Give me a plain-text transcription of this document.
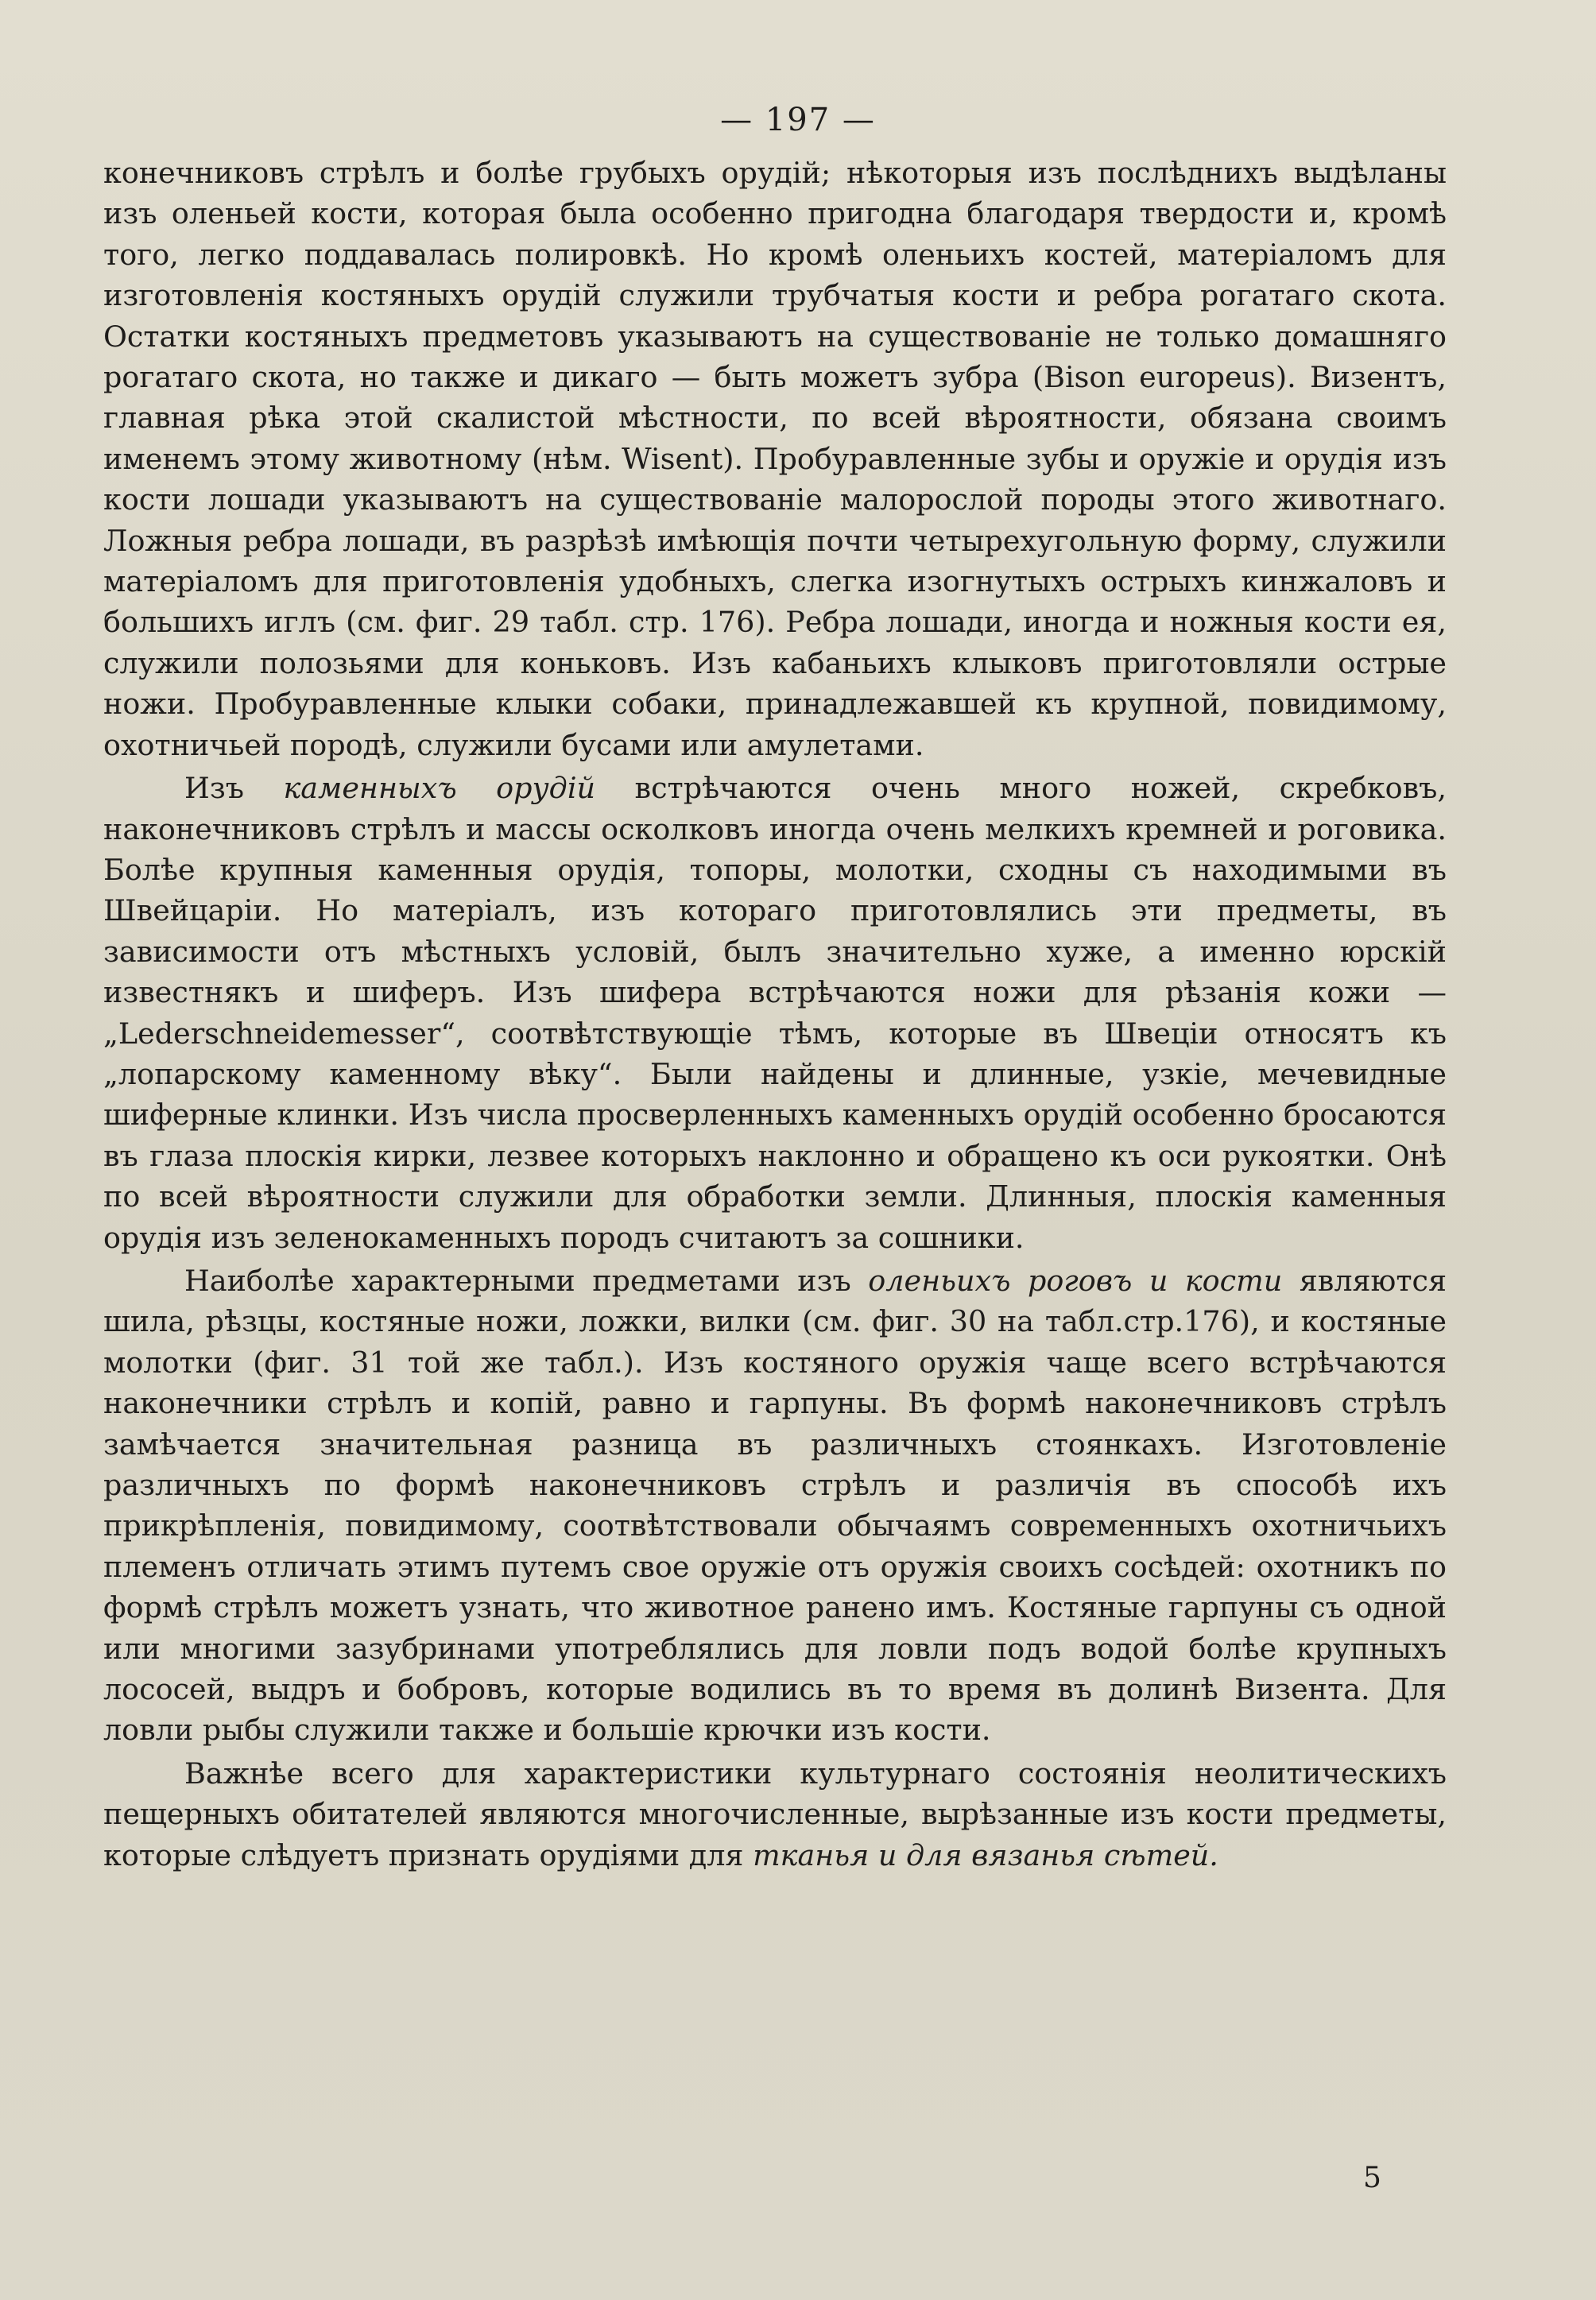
— 197 —

конечниковъ стрѣлъ и болѣе грубыхъ орудій; нѣкоторыя изъ послѣднихъ выдѣланы изъ оленьей кости, которая была особенно пригодна благодаря твердости и, кромѣ того, легко поддавалась полировкѣ. Но кромѣ оленьихъ костей, матеріаломъ для изготовленія костяныхъ орудій служили трубчатыя кости и ребра рогатаго скота. Остатки костяныхъ предметовъ указываютъ на существованіе не только домашняго рогатаго скота, но также и дикаго — быть можетъ зубра (Bison europeus). Визентъ, главная рѣка этой скалистой мѣстности, по всей вѣроятности, обязана своимъ именемъ этому животному (нѣм. Wisent). Пробуравленные зубы и оружіе и орудія изъ кости лошади указываютъ на существованіе малорослой породы этого животнаго. Ложныя ребра лошади, въ разрѣзѣ имѣющія почти четырехугольную форму, служили матеріаломъ для приготовленія удобныхъ, слегка изогнутыхъ острыхъ кинжаловъ и большихъ иглъ (см. фиг. 29 табл. стр. 176). Ребра лошади, иногда и ножныя кости ея, служили полозьями для коньковъ. Изъ кабаньихъ клыковъ приготовляли острые ножи. Пробуравленные клыки собаки, принадлежавшей къ крупной, повидимому, охотничьей породѣ, служили бусами или амулетами.

Изъ каменныхъ орудій встрѣчаются очень много ножей, скребковъ, наконечниковъ стрѣлъ и массы осколковъ иногда очень мелкихъ кремней и роговика. Болѣе крупныя каменныя орудія, топоры, молотки, сходны съ находимыми въ Швейцаріи. Но матеріалъ, изъ котораго приготовлялись эти предметы, въ зависимости отъ мѣстныхъ условій, былъ значительно хуже, а именно юрскій известнякъ и шиферъ. Изъ шифера встрѣчаются ножи для рѣзанія кожи — „Lederschneidemesser“, соотвѣтствующіе тѣмъ, которые въ Швеціи относятъ къ „лопарскому каменному вѣку“. Были найдены и длинные, узкіе, мечевидные шиферные клинки. Изъ числа просверленныхъ каменныхъ орудій особенно бросаются въ глаза плоскія кирки, лезвее которыхъ наклонно и обращено къ оси рукоятки. Онѣ по всей вѣроятности служили для обработки земли. Длинныя, плоскія каменныя орудія изъ зеленокаменныхъ породъ считаютъ за сошники.

Наиболѣе характерными предметами изъ оленьихъ роговъ и кости являются шила, рѣзцы, костяные ножи, ложки, вилки (см. фиг. 30 на табл.стр.176), и костяные молотки (фиг. 31 той же табл.). Изъ костяного оружія чаще всего встрѣчаются наконечники стрѣлъ и копій, равно и гарпуны. Въ формѣ наконечниковъ стрѣлъ замѣчается значительная разница въ различныхъ стоянкахъ. Изготовленіе различныхъ по формѣ наконечниковъ стрѣлъ и различія въ способѣ ихъ прикрѣпленія, повидимому, соотвѣтствовали обычаямъ современныхъ охотничьихъ племенъ отличать этимъ путемъ свое оружіе отъ оружія своихъ сосѣдей: охотникъ по формѣ стрѣлъ можетъ узнать, что животное ранено имъ. Костяные гарпуны съ одной или многими зазубринами употреблялись для ловли подъ водой болѣе крупныхъ лососей, выдръ и бобровъ, которые водились въ то время въ долинѣ Визента. Для ловли рыбы служили также и большіе крючки изъ кости.

Важнѣе всего для характеристики культурнаго состоянія неолитическихъ пещерныхъ обитателей являются многочисленные, вырѣзанные изъ кости предметы, которые слѣдуетъ признать орудіями для тканья и для вязанья сѣтей.

5
